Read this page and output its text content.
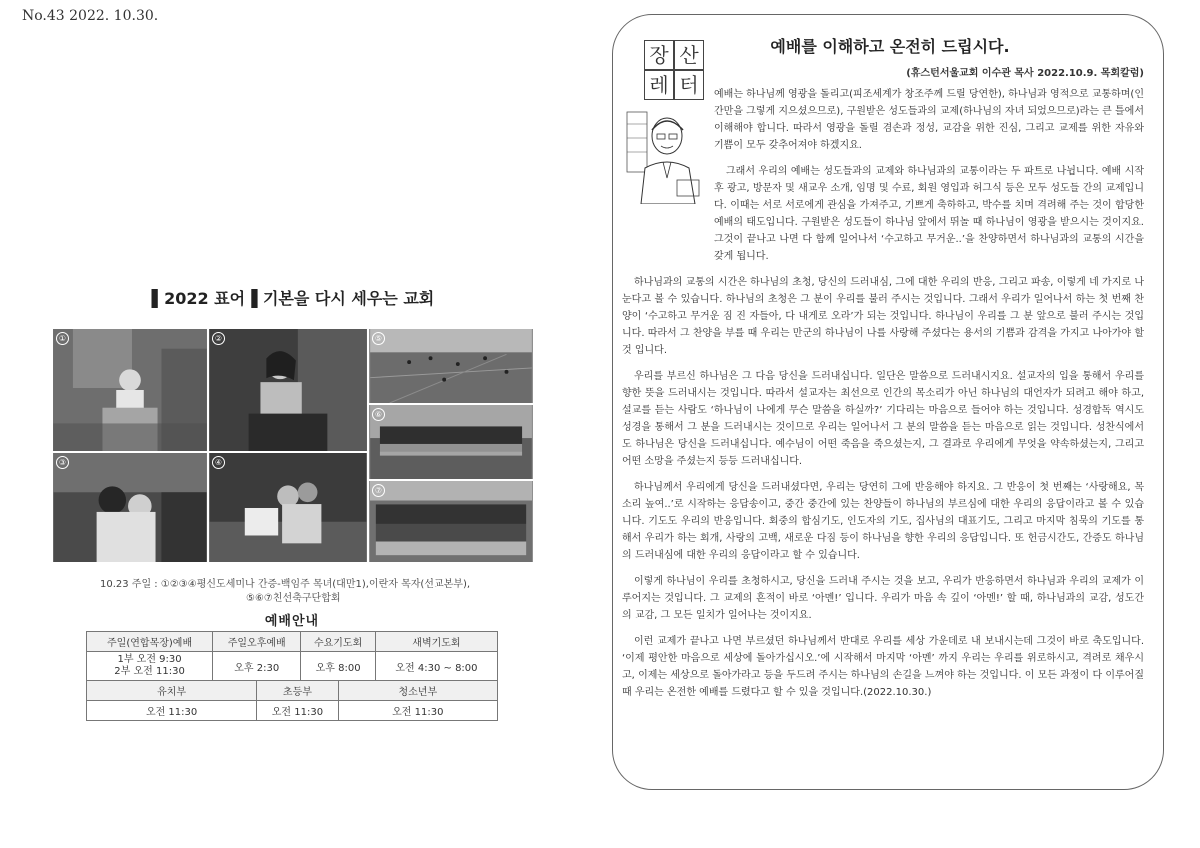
No.43 2022. 10.30.
▌2022 표어▐ 기본을 다시 세우는 교회
①	②	⑤
⑥
③	④
⑦
10.23 주일 : ①②③④평신도세미나 간증-백임주 목녀(대만1),이란자 목자(선교본부),
⑤⑥⑦친선축구단합회
예배안내
주일(연합목장)예배	주일오후예배		수요기도회		새벽기도회

1부 오전 9:30
2부 오전 11:30	오후 2:30		오후 8:00		오전 4:30 ~ 8:00
유치부		초등부		청소년부	
오전 11:30		오전 11:30		오전 11:30	
장 산
레 터
예배를 이해하고 온전히 드립시다.
(휴스턴서울교회 이수관 목사 2022.10.9. 목회칼럼)

예배는 하나님께 영광을 돌리고(피조세계가 창조주께 드릴 당연한), 하나님과 영적으로 교통하며(인간만을 그렇게 지으셨으므로), 구원받은 성도들과의 교제(하나님의 자녀 되었으므로)라는 큰 틀에서 이해해야 합니다. 따라서 영광을 돌릴 겸손과 정성, 교감을 위한 진심, 그리고 교제를 위한 자유와 기쁨이 모두 갖추어져야 하겠지요.

그래서 우리의 예배는 성도들과의 교제와 하나님과의 교통이라는 두 파트로 나뉩니다. 예배 시작 후 광고, 방문자 및 새교우 소개, 임명 및 수료, 회원 영입과 허그식 등은 모두 성도들 간의 교제입니다. 이때는 서로 서로에게 관심을 가져주고, 기쁘게 축하하고, 박수를 치며 격려해 주는 것이 합당한 예배의 태도입니다. 구원받은 성도들이 하나님 앞에서 뛰놀 때 하나님이 영광을 받으시는 것이지요. 그것이 끝나고 나면 다 함께 일어나서 ‘수고하고 무거운..’을 찬양하면서 하나님과의 교통의 시간을 갖게 됩니다.

하나님과의 교통의 시간은 하나님의 초청, 당신의 드러내심, 그에 대한 우리의 반응, 그리고 파송, 이렇게 네 가지로 나눈다고 볼 수 있습니다. 하나님의 초청은 그 분이 우리를 불러 주시는 것입니다. 그래서 우리가 일어나서 하는 첫 번째 찬양이 ‘수고하고 무거운 짐 진 자들아, 다 내게로 오라’가 되는 것입니다. 하나님이 우리를 그 분 앞으로 불러 주시는 것입니다. 따라서 그 찬양을 부를 때 우리는 만군의 하나님이 나를 사랑해 주셨다는 용서의 기쁨과 감격을 가지고 나아가야 할 것 입니다.

우리를 부르신 하나님은 그 다음 당신을 드러내십니다. 일단은 말씀으로 드러내시지요. 설교자의 입을 통해서 우리를 향한 뜻을 드러내시는 것입니다. 따라서 설교자는 최선으로 인간의 목소리가 아닌 하나님의 대언자가 되려고 해야 하고, 설교를 듣는 사람도 ‘하나님이 나에게 무슨 말씀을 하실까?’ 기다리는 마음으로 들어야 하는 것입니다. 성경합독 역시도 성경을 통해서 그 분을 드러내시는 것이므로 우리는 일어나서 그 분의 말씀을 듣는 마음으로 읽는 것입니다. 성찬식에서도 하나님은 당신을 드러내십니다. 예수님이 어떤 죽음을 죽으셨는지, 그 결과로 우리에게 무엇을 약속하셨는지, 그리고 어떤 소망을 주셨는지 등등 드러내십니다.

하나님께서 우리에게 당신을 드러내셨다면, 우리는 당연히 그에 반응해야 하지요. 그 반응이 첫 번째는 ‘사랑해요, 목소리 높여..’로 시작하는 응답송이고, 중간 중간에 있는 찬양들이 하나님의 부르심에 대한 우리의 응답이라고 볼 수 있습니다. 기도도 우리의 반응입니다. 회중의 합심기도, 인도자의 기도, 집사님의 대표기도, 그리고 마지막 침묵의 기도를 통해서 우리가 하는 회개, 사랑의 고백, 새로운 다짐 등이 하나님을 향한 우리의 응답입니다. 또 헌금시간도, 간증도 하나님의 드러내심에 대한 우리의 응답이라고 할 수 있습니다.

이렇게 하나님이 우리를 초청하시고, 당신을 드러내 주시는 것을 보고, 우리가 반응하면서 하나님과 우리의 교제가 이루어지는 것입니다. 그 교제의 흔적이 바로 ‘아멘!’ 입니다. 우리가 마음 속 깊이 ‘아멘!’ 할 때, 하나님과의 교감, 성도간의 교감, 그 모든 일치가 일어나는 것이지요.

이런 교제가 끝나고 나면 부르셨던 하나님께서 반대로 우리를 세상 가운데로 내 보내시는데 그것이 바로 축도입니다. ‘이제 평안한 마음으로 세상에 돌아가십시오.’에 시작해서 마지막 ‘아멘’ 까지 우리는 우리를 위로하시고, 격려로 채우시고, 이제는 세상으로 돌아가라고 등을 두드려 주시는 하나님의 손길을 느껴야 하는 것입니다. 이 모든 과정이 다 이루어질 때 우리는 온전한 예배를 드렸다고 할 수 있을 것입니다.(2022.10.30.)
